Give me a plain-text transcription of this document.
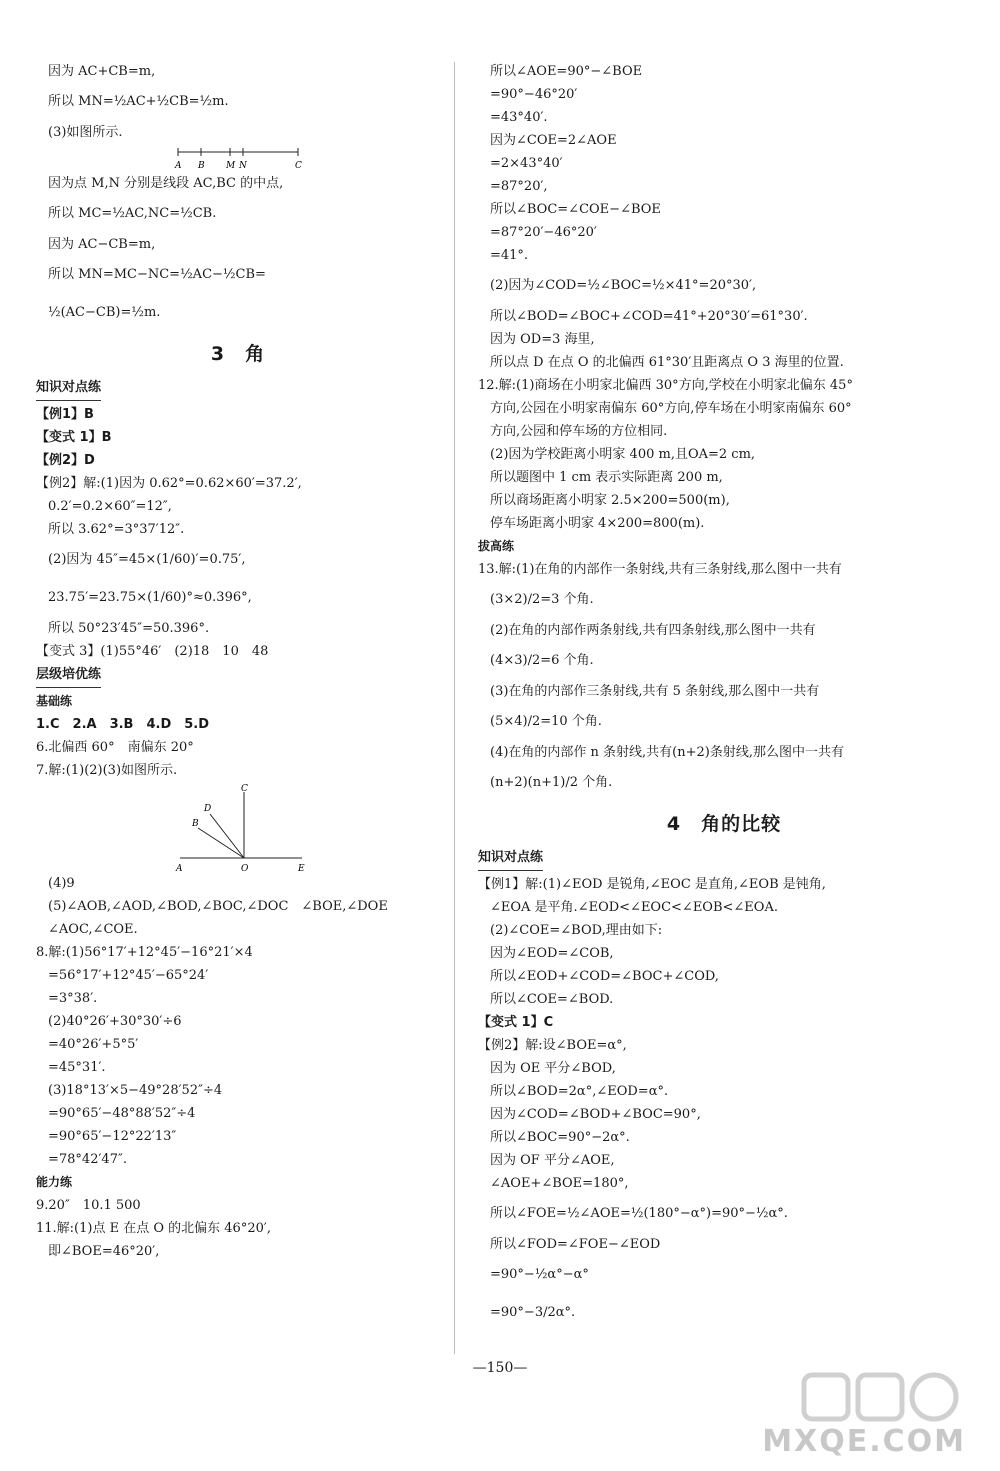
因为 AC+CB=m,
所以 MN=½AC+½CB=½m.
(3)如图所示.
A B M N	C
因为点 M,N 分别是线段 AC,BC 的中点,
所以 MC=½AC,NC=½CB.
因为 AC−CB=m,
所以 MN=MC−NC=½AC−½CB=
½(AC−CB)=½m.
3　角
知识对点练
【例1】B
【变式 1】B
【例2】D
【例2】解:(1)因为 0.62°=0.62×60′=37.2′,
0.2′=0.2×60″=12″,
所以 3.62°=3°37′12″.
(2)因为 45″=45×(1/60)′=0.75′,
23.75′=23.75×(1/60)°≈0.396°,
所以 50°23′45″=50.396°.
【变式 3】(1)55°46′　(2)18　10　48
层级培优练
基础练
1.C　2.A　3.B　4.D　5.D
6.北偏西 60°　南偏东 20°
7.解:(1)(2)(3)如图所示.
D
B
C
A	O	E
(4)9
(5)∠AOB,∠AOD,∠BOD,∠BOC,∠DOC　∠BOE,∠DOE
∠AOC,∠COE.
8.解:(1)56°17′+12°45′−16°21′×4
=56°17′+12°45′−65°24′
=3°38′.
(2)40°26′+30°30′÷6
=40°26′+5°5′
=45°31′.
(3)18°13′×5−49°28′52″÷4
=90°65′−48°88′52″÷4
=90°65′−12°22′13″
=78°42′47″.
能力练
9.20″　10.1 500
11.解:(1)点 E 在点 O 的北偏东 46°20′,
即∠BOE=46°20′,
所以∠AOE=90°−∠BOE
=90°−46°20′
=43°40′.
因为∠COE=2∠AOE
=2×43°40′
=87°20′,
所以∠BOC=∠COE−∠BOE
=87°20′−46°20′
=41°.
(2)因为∠COD=½∠BOC=½×41°=20°30′,
所以∠BOD=∠BOC+∠COD=41°+20°30′=61°30′.
因为 OD=3 海里,
所以点 D 在点 O 的北偏西 61°30′且距离点 O 3 海里的位置.
12.解:(1)商场在小明家北偏西 30°方向,学校在小明家北偏东 45°
方向,公园在小明家南偏东 60°方向,停车场在小明家南偏东 60°
方向,公园和停车场的方位相同.
(2)因为学校距离小明家 400 m,且OA=2 cm,
所以题图中 1 cm 表示实际距离 200 m,
所以商场距离小明家 2.5×200=500(m),
停车场距离小明家 4×200=800(m).
拔高练
13.解:(1)在角的内部作一条射线,共有三条射线,那么图中一共有
(3×2)/2=3 个角.
(2)在角的内部作两条射线,共有四条射线,那么图中一共有
(4×3)/2=6 个角.
(3)在角的内部作三条射线,共有 5 条射线,那么图中一共有
(5×4)/2=10 个角.
(4)在角的内部作 n 条射线,共有(n+2)条射线,那么图中一共有
(n+2)(n+1)/2 个角.
4　角的比较
知识对点练
【例1】解:(1)∠EOD 是锐角,∠EOC 是直角,∠EOB 是钝角,
∠EOA 是平角.∠EOD<∠EOC<∠EOB<∠EOA.
(2)∠COE=∠BOD,理由如下:
因为∠EOD=∠COB,
所以∠EOD+∠COD=∠BOC+∠COD,
所以∠COE=∠BOD.
【变式 1】C
【例2】解:设∠BOE=α°,
因为 OE 平分∠BOD,
所以∠BOD=2α°,∠EOD=α°.
因为∠COD=∠BOD+∠BOC=90°,
所以∠BOC=90°−2α°.
因为 OF 平分∠AOE,
∠AOE+∠BOE=180°,
所以∠FOE=½∠AOE=½(180°−α°)=90°−½α°.
所以∠FOD=∠FOE−∠EOD
=90°−½α°−α°
=90°−3/2α°.
—150—
MXQE.COM
